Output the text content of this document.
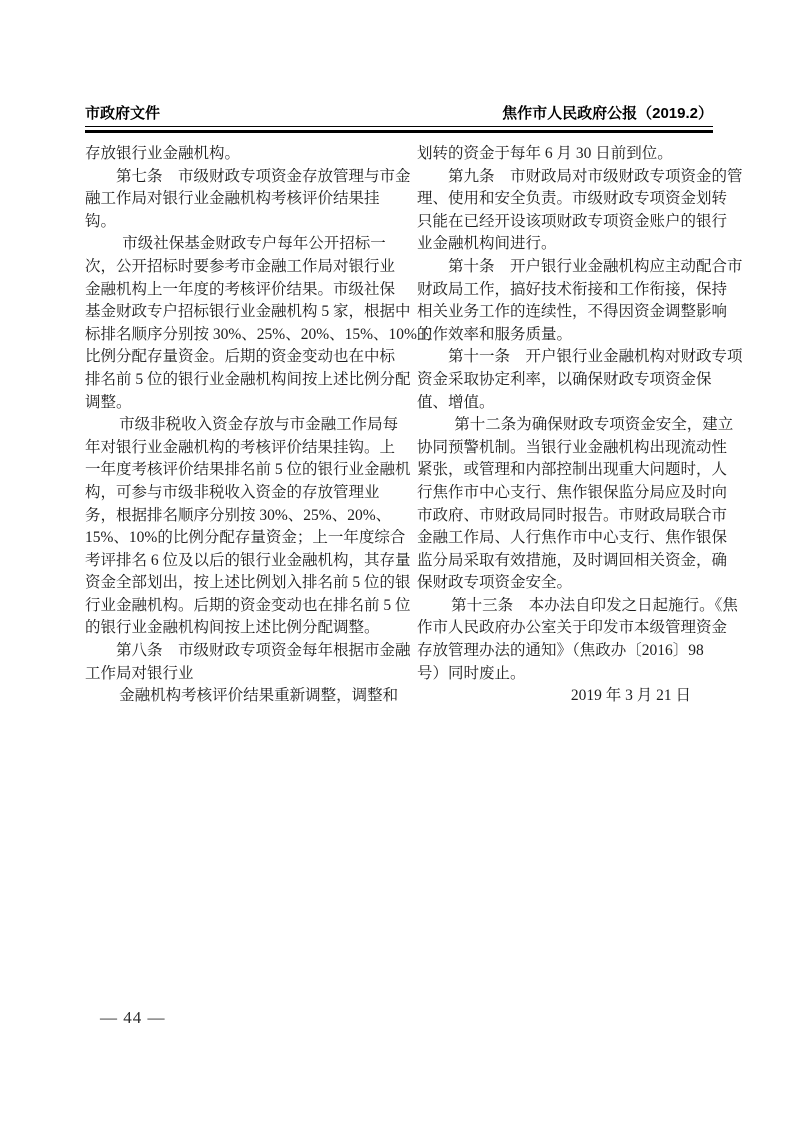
市政府文件	焦作市人民政府公报（2019.2）
存放银行业金融机构。
第七条　市级财政专项资金存放管理与市金
融工作局对银行业金融机构考核评价结果挂
钩。
市级社保基金财政专户每年公开招标一
次，公开招标时要参考市金融工作局对银行业
金融机构上一年度的考核评价结果。市级社保
基金财政专户招标银行业金融机构 5 家，根据中
标排名顺序分别按 30%、25%、20%、15%、10%的
比例分配存量资金。后期的资金变动也在中标
排名前 5 位的银行业金融机构间按上述比例分配
调整。
市级非税收入资金存放与市金融工作局每
年对银行业金融机构的考核评价结果挂钩。上
一年度考核评价结果排名前 5 位的银行业金融机
构，可参与市级非税收入资金的存放管理业
务，根据排名顺序分别按 30%、25%、20%、
15%、10%的比例分配存量资金；上一年度综合
考评排名 6 位及以后的银行业金融机构，其存量
资金全部划出，按上述比例划入排名前 5 位的银
行业金融机构。后期的资金变动也在排名前 5 位
的银行业金融机构间按上述比例分配调整。
第八条　市级财政专项资金每年根据市金融
工作局对银行业
金融机构考核评价结果重新调整，调整和
划转的资金于每年 6 月 30 日前到位。
第九条　市财政局对市级财政专项资金的管
理、使用和安全负责。市级财政专项资金划转
只能在已经开设该项财政专项资金账户的银行
业金融机构间进行。
第十条　开户银行业金融机构应主动配合市
财政局工作，搞好技术衔接和工作衔接，保持
相关业务工作的连续性，不得因资金调整影响
工作效率和服务质量。
第十一条　开户银行业金融机构对财政专项
资金采取协定利率，以确保财政专项资金保
值、增值。
第十二条为确保财政专项资金安全，建立
协同预警机制。当银行业金融机构出现流动性
紧张，或管理和内部控制出现重大问题时，人
行焦作市中心支行、焦作银保监分局应及时向
市政府、市财政局同时报告。市财政局联合市
金融工作局、人行焦作市中心支行、焦作银保
监分局采取有效措施，及时调回相关资金，确
保财政专项资金安全。
第十三条　本办法自印发之日起施行。《焦
作市人民政府办公室关于印发市本级管理资金
存放管理办法的通知》（焦政办〔2016〕98
号）同时废止。
2019 年 3 月 21 日
— 44 —
